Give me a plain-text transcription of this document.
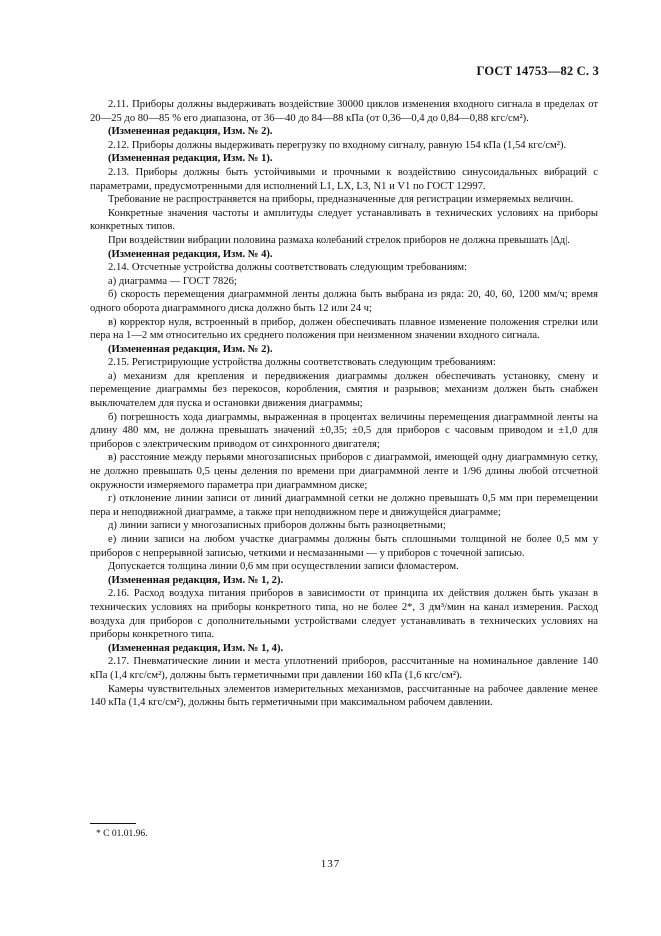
ГОСТ 14753—82 С. 3

2.11. Приборы должны выдерживать воздействие 30000 циклов изменения входного сигнала в пределах от 20—25 до 80—85 % его диапазона, от 36—40 до 84—88 кПа (от 0,36—0,4 до 0,84—0,88 кгс/см²).

(Измененная редакция, Изм. № 2).

2.12. Приборы должны выдерживать перегрузку по входному сигналу, равную 154 кПа (1,54 кгс/см²).

(Измененная редакция, Изм. № 1).

2.13. Приборы должны быть устойчивыми и прочными к воздействию синусоидальных вибраций с параметрами, предусмотренными для исполнений L1, LX, L3, N1 и V1 по ГОСТ 12997.

Требование не распространяется на приборы, предназначенные для регистрации измеряемых величин.

Конкретные значения частоты и амплитуды следует устанавливать в технических условиях на приборы конкретных типов.

При воздействии вибрации половина размаха колебаний стрелок приборов не должна превышать |Δд|.

(Измененная редакция, Изм. № 4).

2.14. Отсчетные устройства должны соответствовать следующим требованиям:

а) диаграмма — ГОСТ 7826;

б) скорость перемещения диаграммной ленты должна быть выбрана из ряда: 20, 40, 60, 1200 мм/ч; время одного оборота диаграммного диска должно быть 12 или 24 ч;

в) корректор нуля, встроенный в прибор, должен обеспечивать плавное изменение положения стрелки или пера на 1—2 мм относительно их среднего положения при неизменном значении входного сигнала.

(Измененная редакция, Изм. № 2).

2.15. Регистрирующие устройства должны соответствовать следующим требованиям:

а) механизм для крепления и передвижения диаграммы должен обеспечивать установку, смену и перемещение диаграммы без перекосов, коробления, смятия и разрывов; механизм должен быть снабжен выключателем для пуска и остановки движения диаграммы;

б) погрешность хода диаграммы, выраженная в процентах величины перемещения диаграммной ленты на длину 480 мм, не должна превышать значений ±0,35; ±0,5 для приборов с часовым приводом и ±1,0 для приборов с электрическим приводом от синхронного двигателя;

в) расстояние между перьями многозаписных приборов с диаграммой, имеющей одну диаграммную сетку, не должно превышать 0,5 цены деления по времени при диаграммной ленте и 1/96 длины любой отсчетной окружности измеряемого параметра при диаграммном диске;

г) отклонение линии записи от линий диаграммной сетки не должно превышать 0,5 мм при перемещении пера и неподвижной диаграмме, а также при неподвижном пере и движущейся диаграмме;

д) линии записи у многозаписных приборов должны быть разноцветными;

е) линии записи на любом участке диаграммы должны быть сплошными толщиной не более 0,5 мм у приборов с непрерывной записью, четкими и несмазанными — у приборов с точечной записью.

Допускается толщина линии 0,6 мм при осуществлении записи фломастером.

(Измененная редакция, Изм. № 1, 2).

2.16. Расход воздуха питания приборов в зависимости от принципа их действия должен быть указан в технических условиях на приборы конкретного типа, но не более 2*, 3 дм³/мин на канал измерения. Расход воздуха для приборов с дополнительными устройствами следует устанавливать в технических условиях на приборы конкретного типа.

(Измененная редакция, Изм. № 1, 4).

2.17. Пневматические линии и места уплотнений приборов, рассчитанные на номинальное давление 140 кПа (1,4 кгс/см²), должны быть герметичными при давлении 160 кПа (1,6 кгс/см²).

Камеры чувствительных элементов измерительных механизмов, рассчитанные на рабочее давление менее 140 кПа (1,4 кгс/см²), должны быть герметичными при максимальном рабочем давлении.

* С 01.01.96.
137
